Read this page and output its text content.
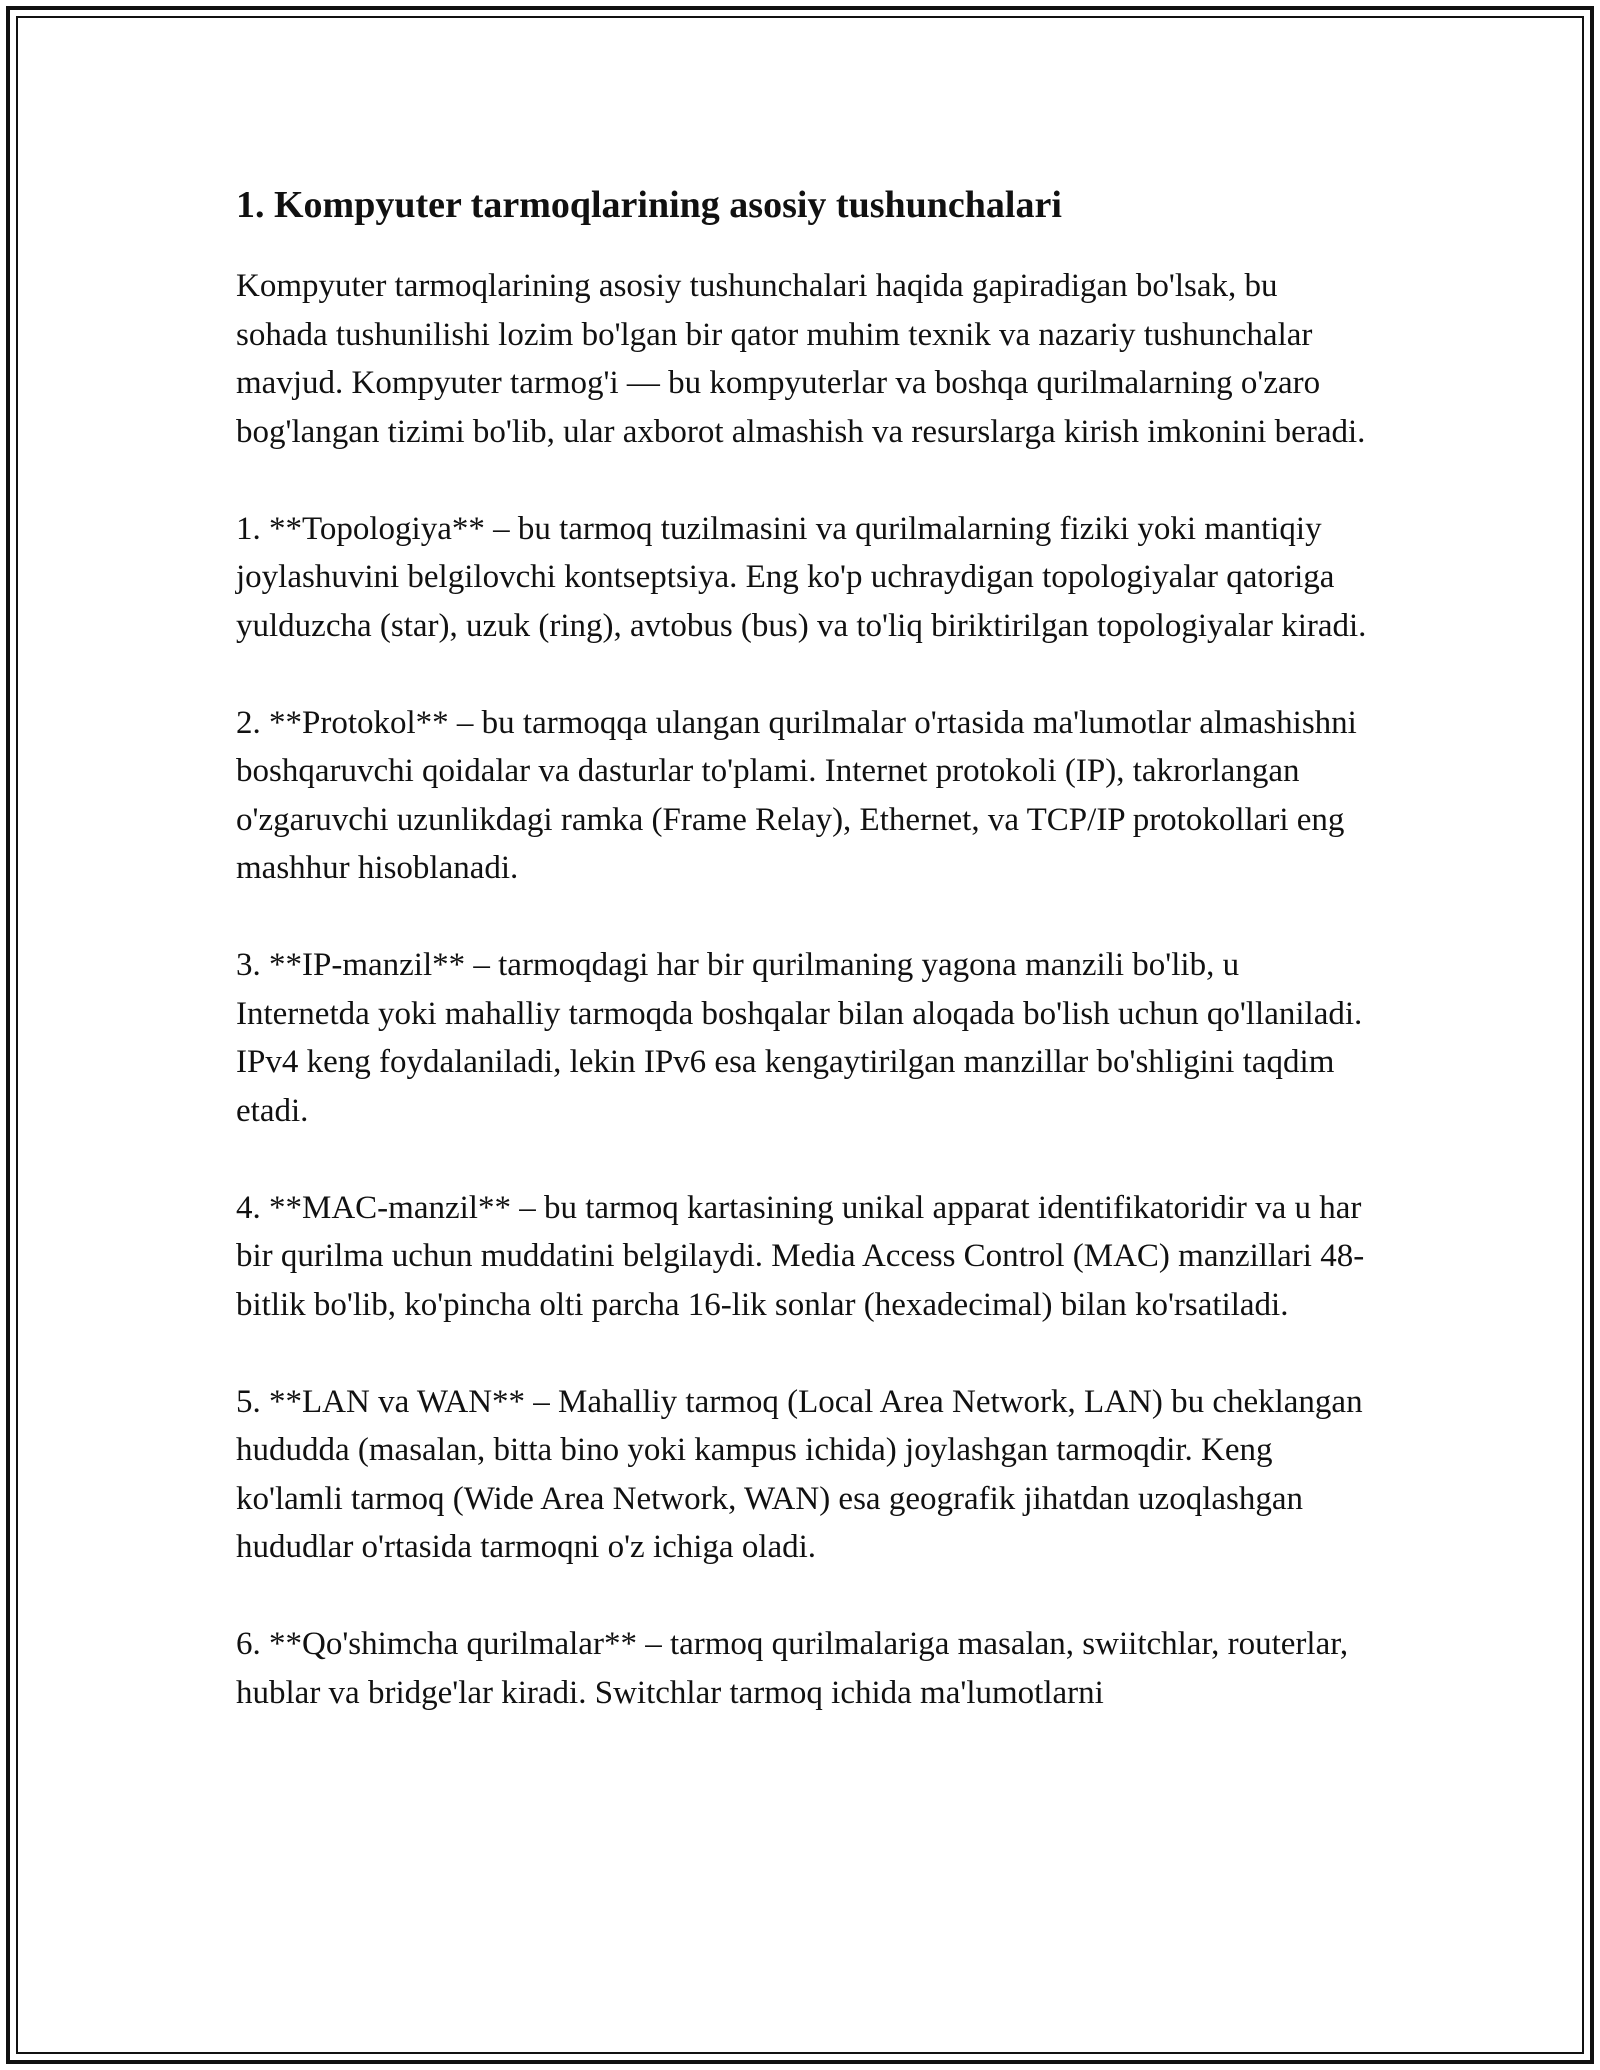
1. Kompyuter tarmoqlarining asosiy tushunchalari

Kompyuter tarmoqlarining asosiy tushunchalari haqida gapiradigan bo'lsak, bu sohada tushunilishi lozim bo'lgan bir qator muhim texnik va nazariy tushunchalar mavjud. Kompyuter tarmog'i — bu kompyuterlar va boshqa qurilmalarning o'zaro bog'langan tizimi bo'lib, ular axborot almashish va resurslarga kirish imkonini beradi.

1. **Topologiya** – bu tarmoq tuzilmasini va qurilmalarning fiziki yoki mantiqiy joylashuvini belgilovchi kontseptsiya. Eng ko'p uchraydigan topologiyalar qatoriga yulduzcha (star), uzuk (ring), avtobus (bus) va to'liq biriktirilgan topologiyalar kiradi.

2. **Protokol** – bu tarmoqqa ulangan qurilmalar o'rtasida ma'lumotlar almashishni boshqaruvchi qoidalar va dasturlar to'plami. Internet protokoli (IP), takrorlangan o'zgaruvchi uzunlikdagi ramka (Frame Relay), Ethernet, va TCP/IP protokollari eng mashhur hisoblanadi.

3. **IP-manzil** – tarmoqdagi har bir qurilmaning yagona manzili bo'lib, u Internetda yoki mahalliy tarmoqda boshqalar bilan aloqada bo'lish uchun qo'llaniladi. IPv4 keng foydalaniladi, lekin IPv6 esa kengaytirilgan manzillar bo'shligini taqdim etadi.

4. **MAC-manzil** – bu tarmoq kartasining unikal apparat identifikatoridir va u har bir qurilma uchun muddatini belgilaydi. Media Access Control (MAC) manzillari 48-bitlik bo'lib, ko'pincha olti parcha 16-lik sonlar (hexadecimal) bilan ko'rsatiladi.

5. **LAN va WAN** – Mahalliy tarmoq (Local Area Network, LAN) bu cheklangan hududda (masalan, bitta bino yoki kampus ichida) joylashgan tarmoqdir. Keng ko'lamli tarmoq (Wide Area Network, WAN) esa geografik jihatdan uzoqlashgan hududlar o'rtasida tarmoqni o'z ichiga oladi.

6. **Qo'shimcha qurilmalar** – tarmoq qurilmalariga masalan, swiitchlar, routerlar, hublar va bridge'lar kiradi. Switchlar tarmoq ichida ma'lumotlarni
